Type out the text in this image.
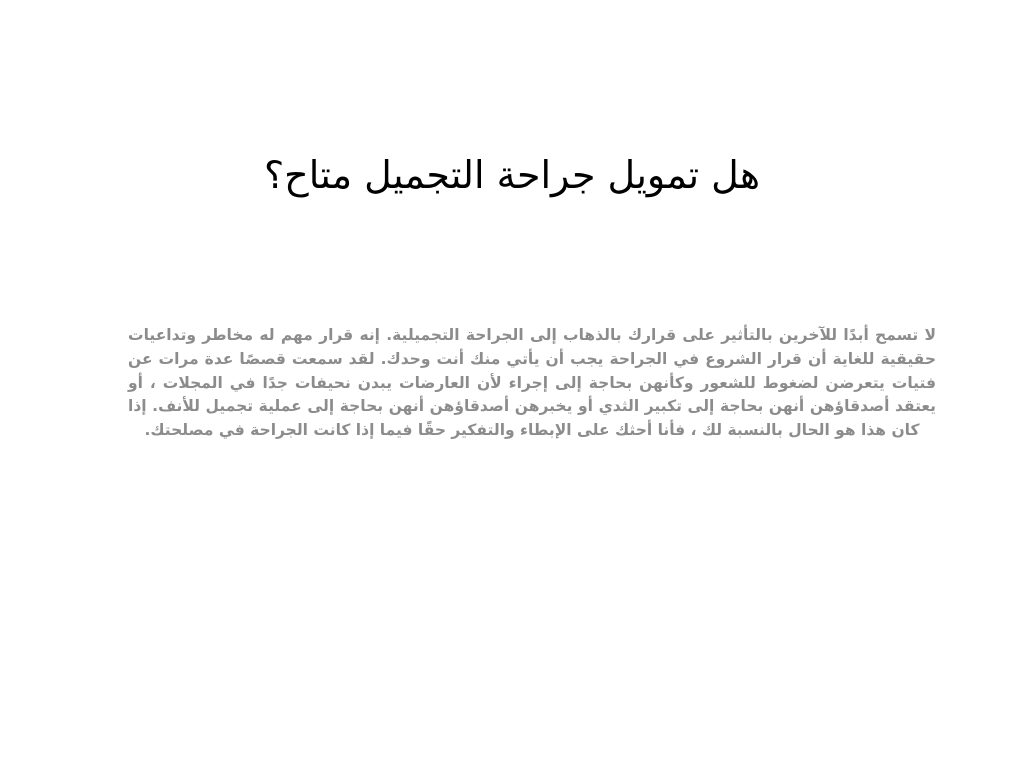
هل تمويل جراحة التجميل متاح؟

لا تسمح أبدًا للآخرين بالتأثير على قرارك بالذهاب إلى الجراحة التجميلية. إنه قرار مهم له مخاطر وتداعيات حقيقية للغاية أن قرار الشروع في الجراحة يجب أن يأتي منك أنت وحدك. لقد سمعت قصصًا عدة مرات عن فتيات يتعرضن لضغوط للشعور وكأنهن بحاجة إلى إجراء لأن العارضات يبدن نحيفات جدًا في المجلات ، أو يعتقد أصدقاؤهن أنهن بحاجة إلى تكبير الثدي أو يخبرهن أصدقاؤهن أنهن بحاجة إلى عملية تجميل للأنف. إذا كان هذا هو الحال بالنسبة لك ، فأنا أحثك على الإبطاء والتفكير حقًا فيما إذا كانت الجراحة في مصلحتك.
